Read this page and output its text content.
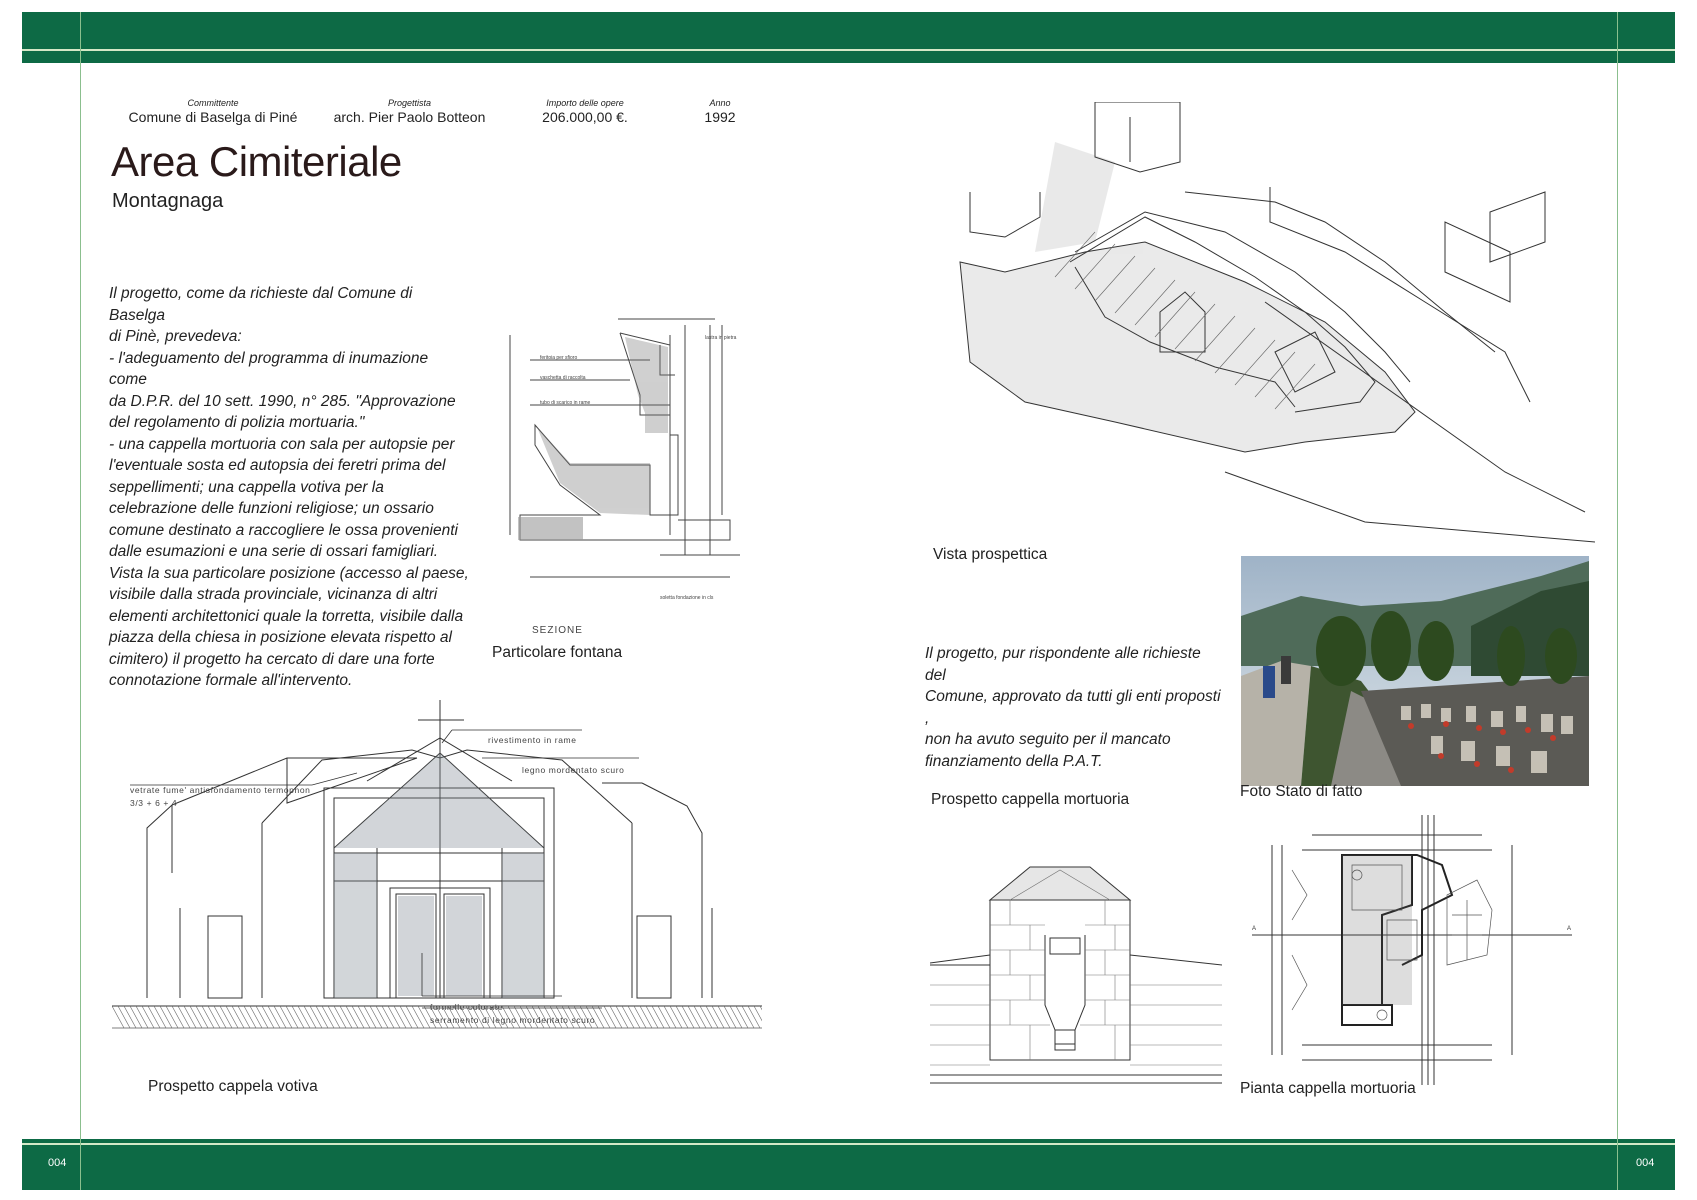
004	004
Committente
Comune di Baselga di Piné
Progettista
arch. Pier Paolo Botteon
Importo delle opere
206.000,00 €.
Anno
1992
Area Cimiteriale
Montagnaga

Il progetto, come da richieste dal Comune di Baselga

di Pinè, prevedeva:

- l'adeguamento del programma di inumazione come

da D.P.R. del 10 sett. 1990, n° 285. "Approvazione

del regolamento di polizia mortuaria."

- una cappella mortuoria con sala per autopsie per

l'eventuale sosta ed autopsia dei feretri prima del

seppellimenti; una cappella votiva per la

celebrazione delle funzioni religiose; un ossario

comune destinato a raccogliere le ossa provenienti

dalle esumazioni e una serie di ossari famigliari.

Vista la sua particolare posizione (accesso al paese,

visibile dalla strada provinciale, vicinanza di altri

elementi architettonici quale la torretta, visibile dalla

piazza della chiesa in posizione elevata rispetto al

cimitero) il progetto ha cercato di dare una forte

connotazione formale all'intervento.

feritoia per sfioro
vaschetta di raccolta
tubo di scarico in rame
lastra in pietra
soletta fondazione in cls
SEZIONE
Particolare fontana
rivestimento in rame
legno mordentato scuro
vetrate fume' antisfondamento termophon
3/3 + 6 + 4
formelle colorate
serramento di legno mordentato scuro
Prospetto cappela votiva
Vista prospettica
Foto Stato di fatto

Il progetto, pur rispondente alle richieste del

Comune, approvato da tutti gli enti proposti ,

non ha avuto seguito per il mancato

finanziamento della P.A.T.

Prospetto cappella mortuoria
A	A
Pianta cappella mortuoria
